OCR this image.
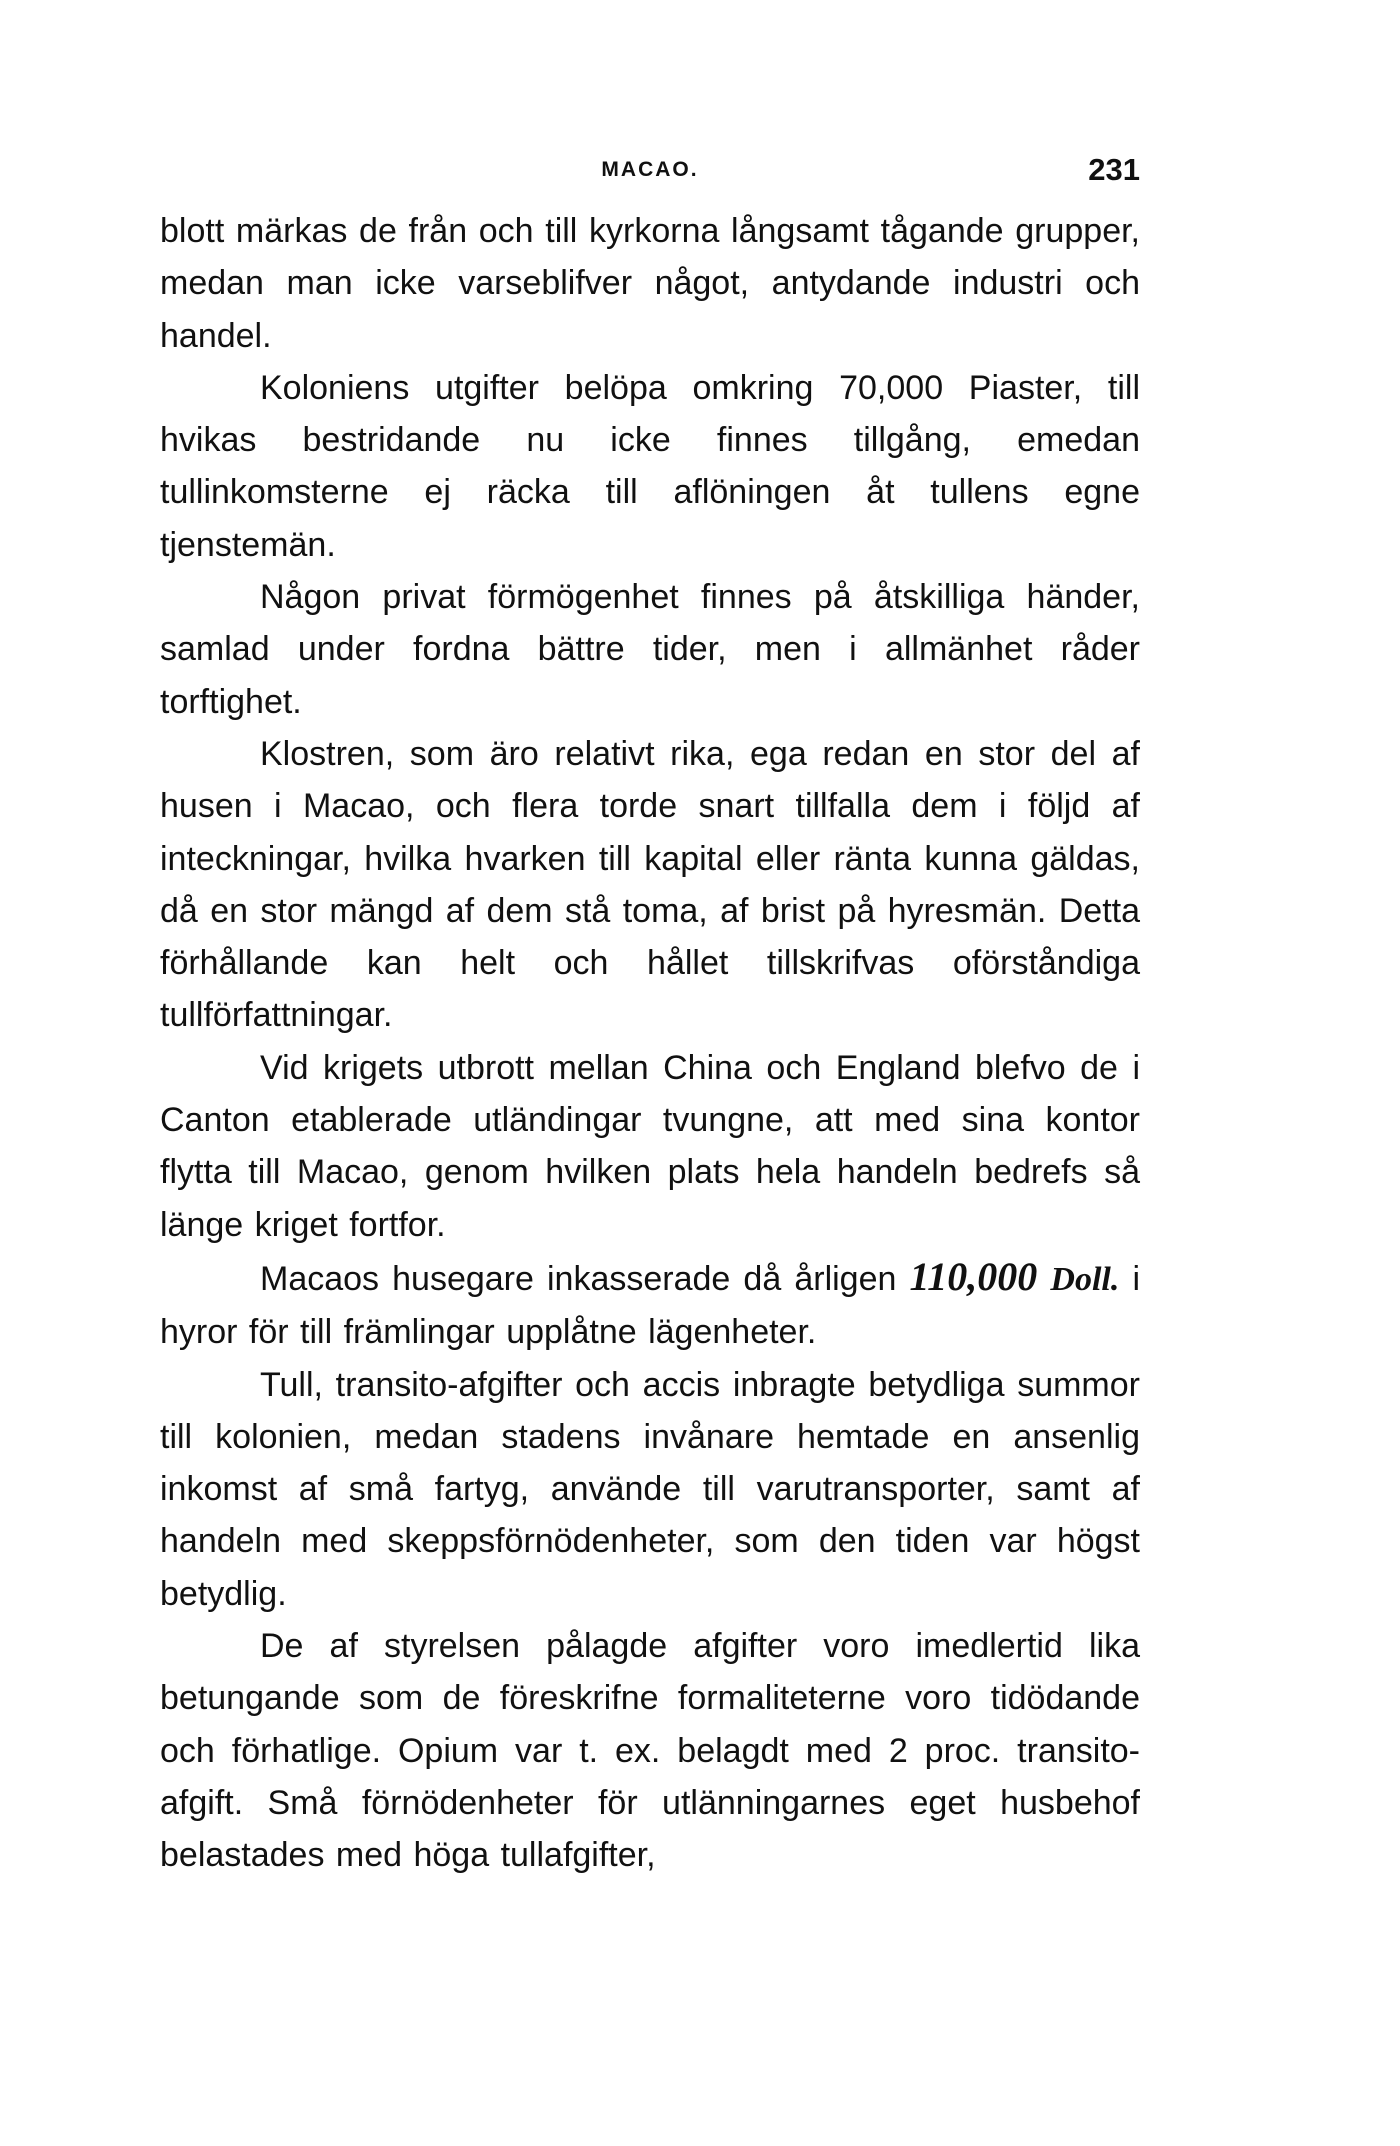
MACAO.	231

blott märkas de från och till kyrkorna långsamt tågande grupper, medan man icke varseblifver något, antydande industri och handel.

Koloniens utgifter belöpa omkring 70,000 Piaster, till hvikas bestridande nu icke finnes tillgång, emedan tullinkomsterne ej räcka till aflöningen åt tullens egne tjenstemän.

Någon privat förmögenhet finnes på åtskilliga händer, samlad under fordna bättre tider, men i allmänhet råder torftighet.

Klostren, som äro relativt rika, ega redan en stor del af husen i Macao, och flera torde snart tillfalla dem i följd af inteckningar, hvilka hvarken till kapital eller ränta kunna gäldas, då en stor mängd af dem stå toma, af brist på hyresmän. Detta förhållande kan helt och hållet tillskrifvas oförståndiga tullförfattningar.

Vid krigets utbrott mellan China och England blefvo de i Canton etablerade utländingar tvungne, att med sina kontor flytta till Macao, genom hvilken plats hela handeln bedrefs så länge kriget fortfor.

Macaos husegare inkasserade då årligen 110,000 Doll. i hyror för till främlingar upplåtne lägenheter.

Tull, transito-afgifter och accis inbragte betydliga summor till kolonien, medan stadens invånare hemtade en ansenlig inkomst af små fartyg, använde till varutransporter, samt af handeln med skeppsförnödenheter, som den tiden var högst betydlig.

De af styrelsen pålagde afgifter voro imedlertid lika betungande som de föreskrifne formaliteterne voro tidödande och förhatlige. Opium var t. ex. belagdt med 2 proc. transito-afgift. Små förnödenheter för utlänningarnes eget husbehof belastades med höga tullafgifter,
